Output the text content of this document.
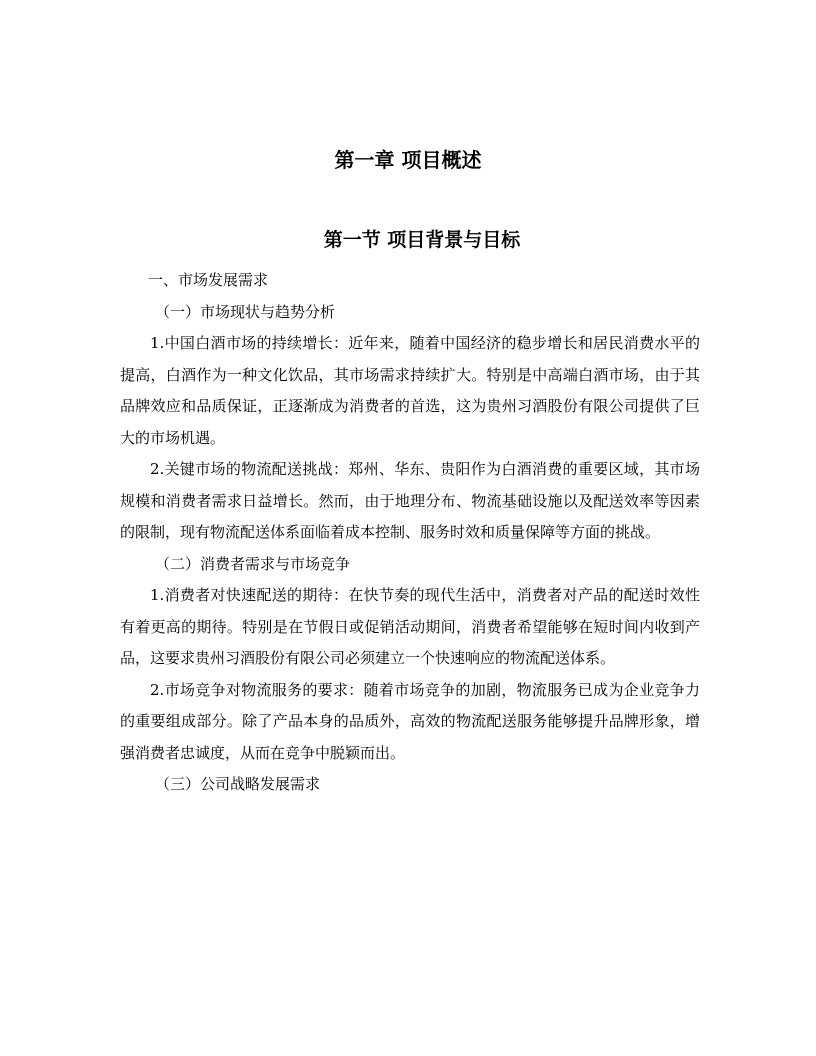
第一章 项目概述
第一节 项目背景与目标

一、市场发展需求

（一）市场现状与趋势分析

1.中国白酒市场的持续增长：近年来，随着中国经济的稳步增长和居民消费水平的提高，白酒作为一种文化饮品，其市场需求持续扩大。特别是中高端白酒市场，由于其品牌效应和品质保证，正逐渐成为消费者的首选，这为贵州习酒股份有限公司提供了巨大的市场机遇。

2.关键市场的物流配送挑战：郑州、华东、贵阳作为白酒消费的重要区域，其市场规模和消费者需求日益增长。然而，由于地理分布、物流基础设施以及配送效率等因素的限制，现有物流配送体系面临着成本控制、服务时效和质量保障等方面的挑战。

（二）消费者需求与市场竞争

1.消费者对快速配送的期待：在快节奏的现代生活中，消费者对产品的配送时效性有着更高的期待。特别是在节假日或促销活动期间，消费者希望能够在短时间内收到产品，这要求贵州习酒股份有限公司必须建立一个快速响应的物流配送体系。

2.市场竞争对物流服务的要求：随着市场竞争的加剧，物流服务已成为企业竞争力的重要组成部分。除了产品本身的品质外，高效的物流配送服务能够提升品牌形象，增强消费者忠诚度，从而在竞争中脱颖而出。

（三）公司战略发展需求
